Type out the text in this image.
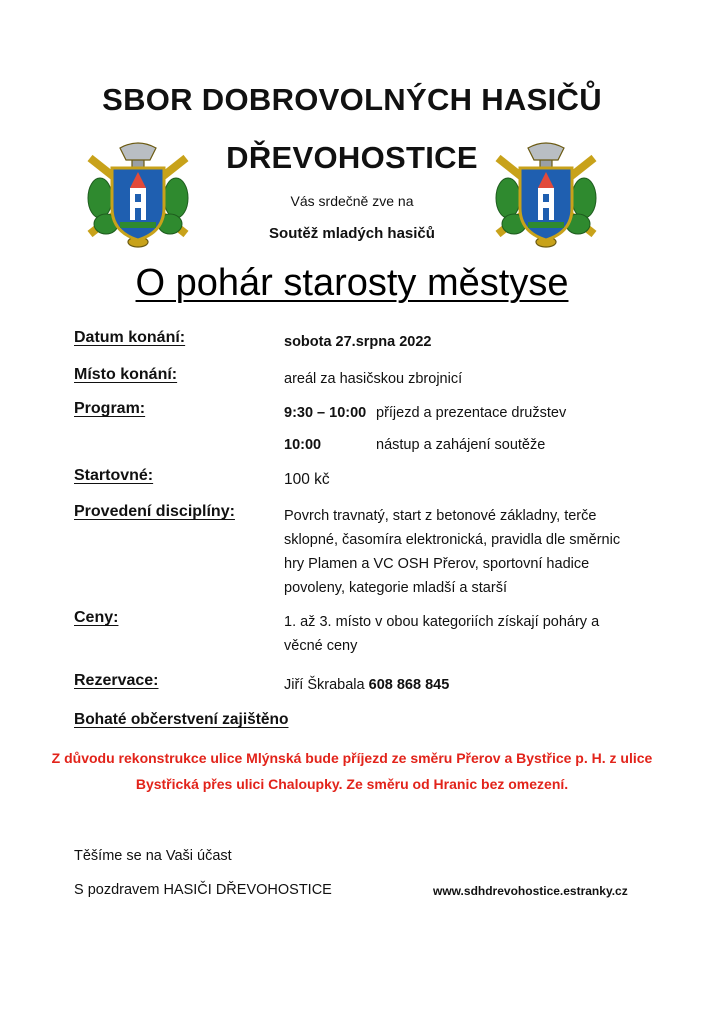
SBOR DOBROVOLNÝCH HASIČŮ
DŘEVOHOSTICE
Vás srdečně zve na
Soutěž mladých hasičů
O pohár starosty městyse
Datum konání:	sobota 27.srpna 2022
Místo konání:	areál za hasičskou zbrojnicí
Program:	9:30 – 10:00 příjezd a prezentace družstev
10:00	nástup a zahájení soutěže
Startovné:	100 kč
Provedení disciplíny:	Povrch travnatý, start z betonové základny, terče sklopné, časomíra elektronická, pravidla dle směrnic hry Plamen a VC OSH Přerov, sportovní hadice povoleny, kategorie mladší a starší
Ceny:	1. až 3. místo v obou kategoriích získají poháry a věcné ceny
Rezervace:	Jiří Škrabala 608 868 845
Bohaté občerstvení zajištěno
Z důvodu rekonstrukce ulice Mlýnská bude příjezd ze směru Přerov a Bystřice p. H. z ulice Bystřická přes ulici Chaloupky. Ze směru od Hranic bez omezení.
Těšíme se na Vaši účast
S pozdravem HASIČI DŘEVOHOSTICE	www.sdhdrevohostice.estranky.cz
